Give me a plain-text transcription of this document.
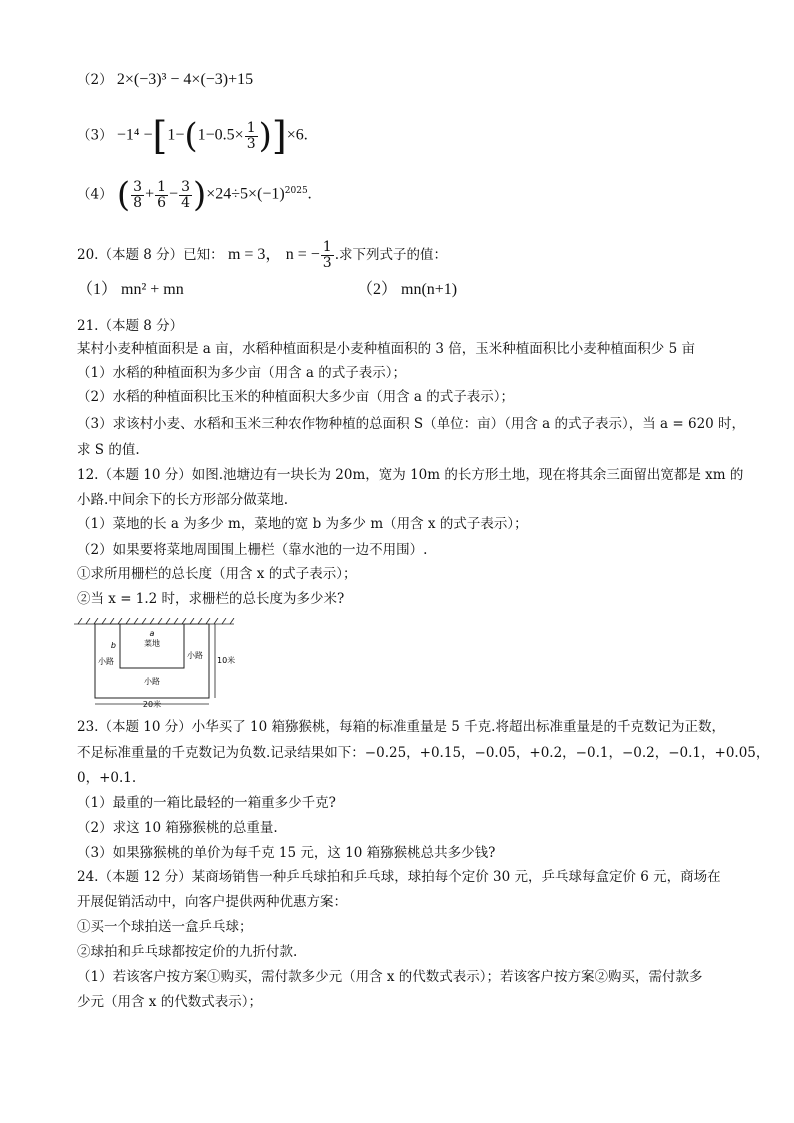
（2） 2×(−3)³ − 4×(−3)+15
$(3) -1^4 -[1-(1-0.5\times \frac{1}{3} )]\times 6$.
（4） ( $\frac{3}{8} + \frac{1}{6} - \frac{3}{4} )\times 24\div 5\times(-1)^{2025}$.
20.（本题 8 分）已知： m = 3， n = − $\frac{1}{3}$ .求下列式子的值：
（1） mn² + mn	（2） mn(n+1)
21.（本题 8 分）
某村小麦种植面积是 a 亩，水稻种植面积是小麦种植面积的 3 倍，玉米种植面积比小麦种植面积少 5 亩
（1）水稻的种植面积为多少亩（用含 a 的式子表示）；
（2）水稻的种植面积比玉米的种植面积大多少亩（用含 a 的式子表示）；
（3）求该村小麦、水稻和玉米三种农作物种植的总面积 S（单位：亩）（用含 a 的式子表示），当 a = 620 时，
求 S 的值.
12.（本题 10 分）如图.池塘边有一块长为 20m，宽为 10m 的长方形土地，现在将其余三面留出宽都是 xm 的
小路.中间余下的长方形部分做菜地.
（1）菜地的长 a 为多少 m，菜地的宽 b 为多少 m（用含 x 的式子表示）；
（2）如果要将菜地周围围上栅栏（靠水池的一边不用围）.
①求所用栅栏的总长度（用含 x 的式子表示）；
②当 x = 1.2 时，求栅栏的总长度为多少米?
a
菜地
b
小路
小路
小路
10米
20米
23.（本题 10 分）小华买了 10 箱猕猴桃，每箱的标准重量是 5 千克.将超出标准重量是的千克数记为正数，
不足标准重量的千克数记为负数.记录结果如下：−0.25，+0.15，−0.05，+0.2，−0.1，−0.2，−0.1，+0.05，
0，+0.1.
（1）最重的一箱比最轻的一箱重多少千克?
（2）求这 10 箱猕猴桃的总重量.
（3）如果猕猴桃的单价为每千克 15 元，这 10 箱猕猴桃总共多少钱?
24.（本题 12 分）某商场销售一种乒乓球拍和乒乓球，球拍每个定价 30 元，乒乓球每盒定价 6 元，商场在
开展促销活动中，向客户提供两种优惠方案：
①买一个球拍送一盒乒乓球；
②球拍和乒乓球都按定价的九折付款.
（1）若该客户按方案①购买，需付款多少元（用含 x 的代数式表示）；若该客户按方案②购买，需付款多
少元（用含 x 的代数式表示）；
